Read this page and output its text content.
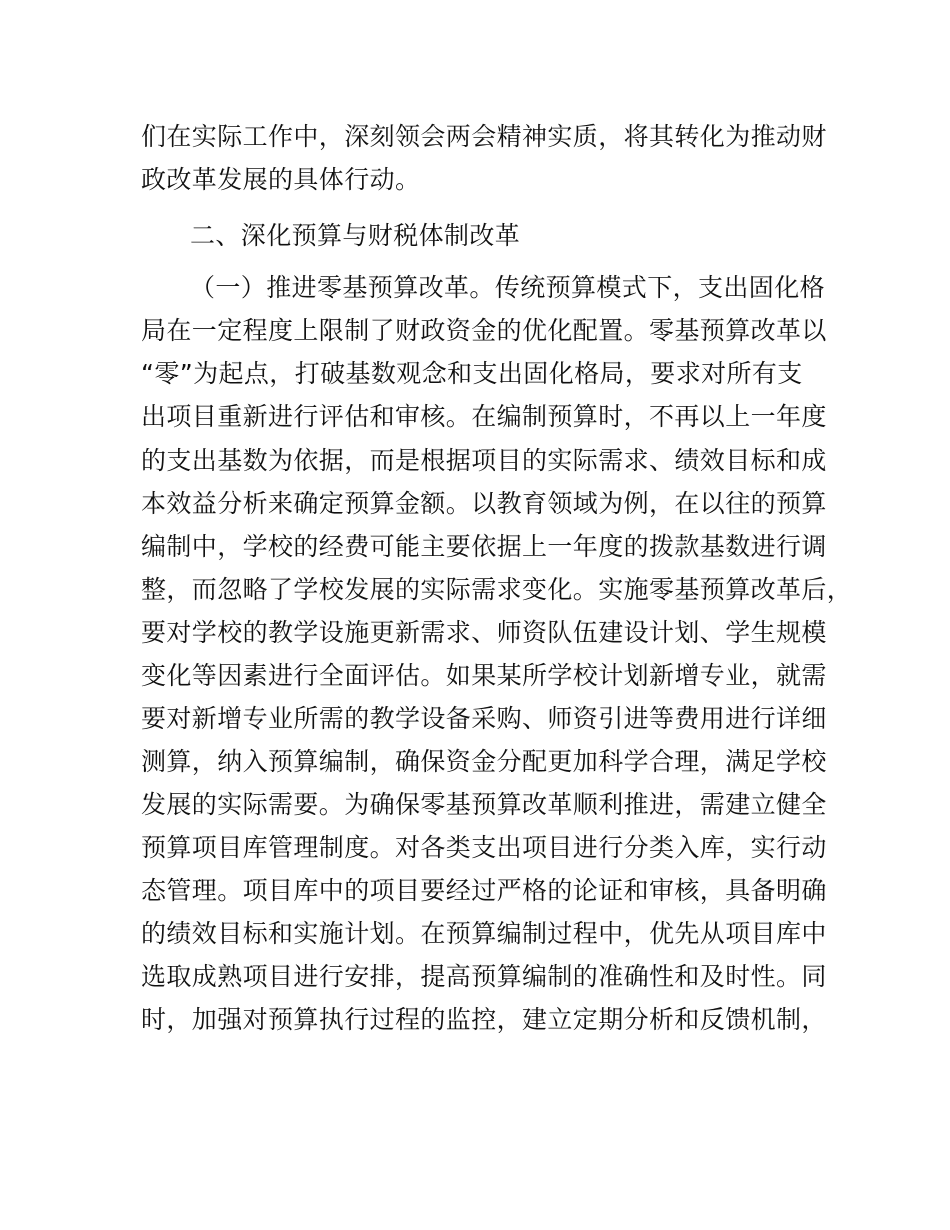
们在实际工作中，深刻领会两会精神实质，将其转化为推动财
政改革发展的具体行动。
二、深化预算与财税体制改革
（一）推进零基预算改革。传统预算模式下，支出固化格
局在一定程度上限制了财政资金的优化配置。零基预算改革以
“零”为起点，打破基数观念和支出固化格局，要求对所有支
出项目重新进行评估和审核。在编制预算时，不再以上一年度
的支出基数为依据，而是根据项目的实际需求、绩效目标和成
本效益分析来确定预算金额。以教育领域为例，在以往的预算
编制中，学校的经费可能主要依据上一年度的拨款基数进行调
整，而忽略了学校发展的实际需求变化。实施零基预算改革后，
要对学校的教学设施更新需求、师资队伍建设计划、学生规模
变化等因素进行全面评估。如果某所学校计划新增专业，就需
要对新增专业所需的教学设备采购、师资引进等费用进行详细
测算，纳入预算编制，确保资金分配更加科学合理，满足学校
发展的实际需要。为确保零基预算改革顺利推进，需建立健全
预算项目库管理制度。对各类支出项目进行分类入库，实行动
态管理。项目库中的项目要经过严格的论证和审核，具备明确
的绩效目标和实施计划。在预算编制过程中，优先从项目库中
选取成熟项目进行安排，提高预算编制的准确性和及时性。同
时，加强对预算执行过程的监控，建立定期分析和反馈机制，
